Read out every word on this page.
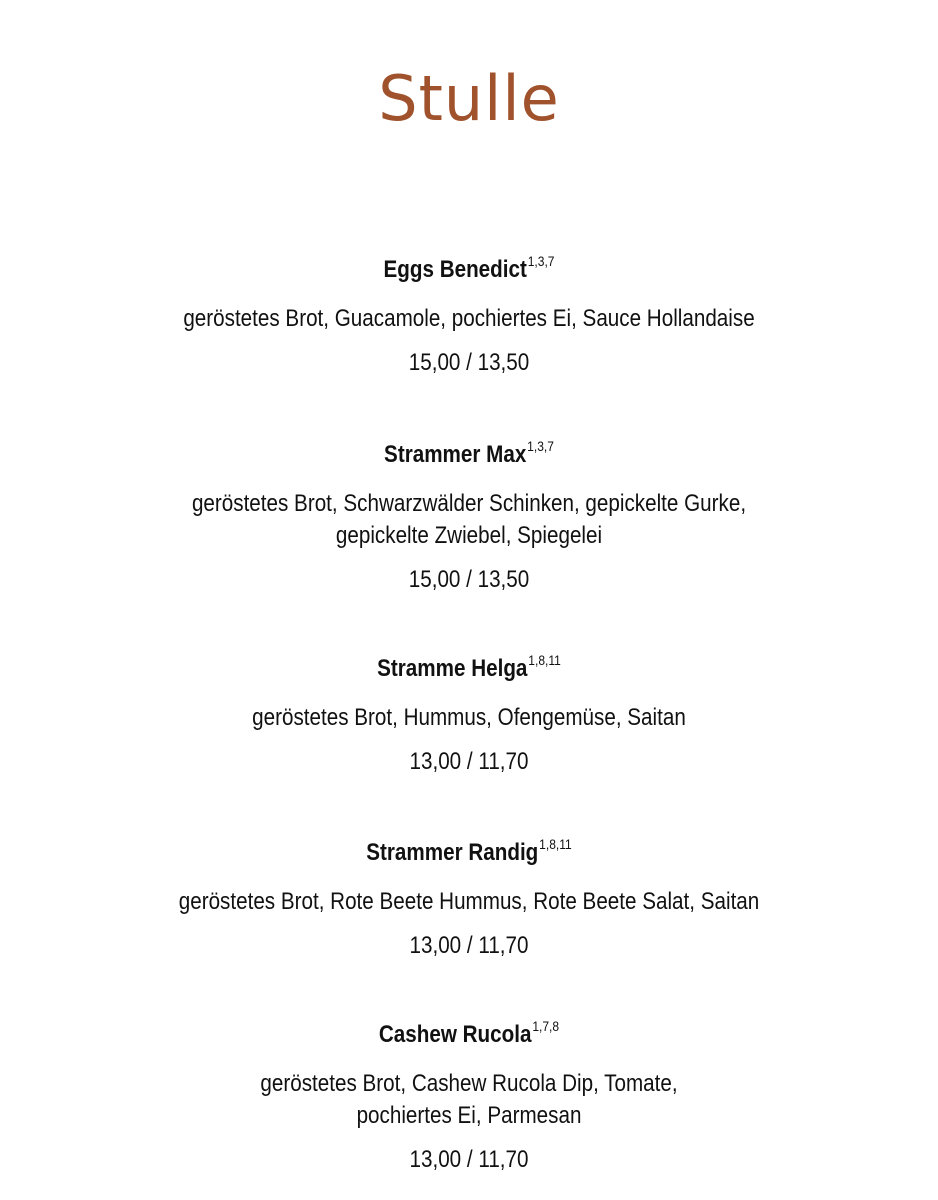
Stulle
Eggs Benedict$^{1,3,7}$
geröstetes Brot, Guacamole, pochiertes Ei, Sauce Hollandaise
15,00 / 13,50
Strammer Max$^{1,3,7}$
geröstetes Brot, Schwarzwälder Schinken, gepickelte Gurke,
gepickelte Zwiebel, Spiegelei
15,00 / 13,50
Stramme Helga$^{1,8,11}$
geröstetes Brot, Hummus, Ofengemüse, Saitan
13,00 / 11,70
Strammer Randig$^{1,8,11}$
geröstetes Brot, Rote Beete Hummus, Rote Beete Salat, Saitan
13,00 / 11,70
Cashew Rucola$^{1,7,8}$
geröstetes Brot, Cashew Rucola Dip, Tomate,
pochiertes Ei, Parmesan
13,00 / 11,70
